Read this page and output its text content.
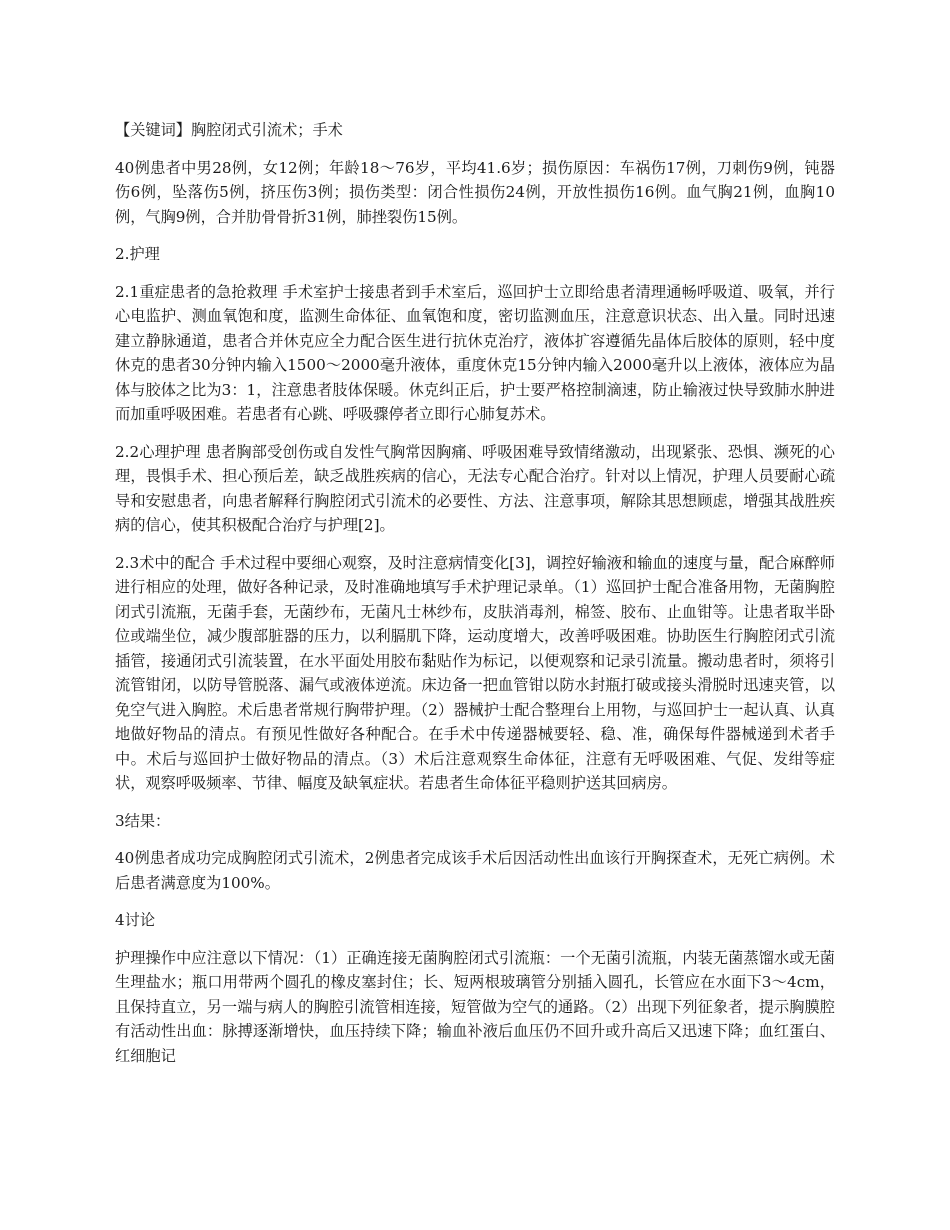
【关键词】胸腔闭式引流术；手术

40例患者中男28例，女12例；年龄18～76岁，平均41.6岁；损伤原因：车祸伤17例，刀刺伤9例，钝器伤6例，坠落伤5例，挤压伤3例；损伤类型：闭合性损伤24例，开放性损伤16例。血气胸21例，血胸10例，气胸9例，合并肋骨骨折31例，肺挫裂伤15例。

2.护理

2.1重症患者的急抢救理 手术室护士接患者到手术室后，巡回护士立即给患者清理通畅呼吸道、吸氧，并行心电监护、测血氧饱和度，监测生命体征、血氧饱和度，密切监测血压，注意意识状态、出入量。同时迅速建立静脉通道，患者合并休克应全力配合医生进行抗休克治疗，液体扩容遵循先晶体后胶体的原则，轻中度休克的患者30分钟内输入1500～2000毫升液体，重度休克15分钟内输入2000毫升以上液体，液体应为晶体与胶体之比为3：1，注意患者肢体保暖。休克纠正后，护士要严格控制滴速，防止输液过快导致肺水肿进而加重呼吸困难。若患者有心跳、呼吸骤停者立即行心肺复苏术。

2.2心理护理 患者胸部受创伤或自发性气胸常因胸痛、呼吸困难导致情绪激动，出现紧张、恐惧、濒死的心理，畏惧手术、担心预后差，缺乏战胜疾病的信心，无法专心配合治疗。针对以上情况，护理人员要耐心疏导和安慰患者，向患者解释行胸腔闭式引流术的必要性、方法、注意事项，解除其思想顾虑，增强其战胜疾病的信心，使其积极配合治疗与护理[2]。

2.3术中的配合 手术过程中要细心观察，及时注意病情变化[3]，调控好输液和输血的速度与量，配合麻醉师进行相应的处理，做好各种记录，及时准确地填写手术护理记录单。（1）巡回护士配合准备用物，无菌胸腔闭式引流瓶，无菌手套，无菌纱布，无菌凡士林纱布，皮肤消毒剂，棉签、胶布、止血钳等。让患者取半卧位或端坐位，减少腹部脏器的压力，以利膈肌下降，运动度增大，改善呼吸困难。协助医生行胸腔闭式引流插管，接通闭式引流装置，在水平面处用胶布黏贴作为标记，以便观察和记录引流量。搬动患者时，须将引流管钳闭，以防导管脱落、漏气或液体逆流。床边备一把血管钳以防水封瓶打破或接头滑脱时迅速夹管，以免空气进入胸腔。术后患者常规行胸带护理。（2）器械护士配合整理台上用物，与巡回护士一起认真、认真地做好物品的清点。有预见性做好各种配合。在手术中传递器械要轻、稳、准，确保每件器械递到术者手中。术后与巡回护士做好物品的清点。（3）术后注意观察生命体征，注意有无呼吸困难、气促、发绀等症状，观察呼吸频率、节律、幅度及缺氧症状。若患者生命体征平稳则护送其回病房。

3结果：

40例患者成功完成胸腔闭式引流术，2例患者完成该手术后因活动性出血该行开胸探查术，无死亡病例。术后患者满意度为100%。

4讨论

护理操作中应注意以下情况：（1）正确连接无菌胸腔闭式引流瓶：一个无菌引流瓶，内装无菌蒸馏水或无菌生理盐水；瓶口用带两个圆孔的橡皮塞封住；长、短两根玻璃管分别插入圆孔，长管应在水面下3～4cm，且保持直立，另一端与病人的胸腔引流管相连接，短管做为空气的通路。（2）出现下列征象者，提示胸膜腔有活动性出血：脉搏逐渐增快，血压持续下降；输血补液后血压仍不回升或升高后又迅速下降；血红蛋白、红细胞记
